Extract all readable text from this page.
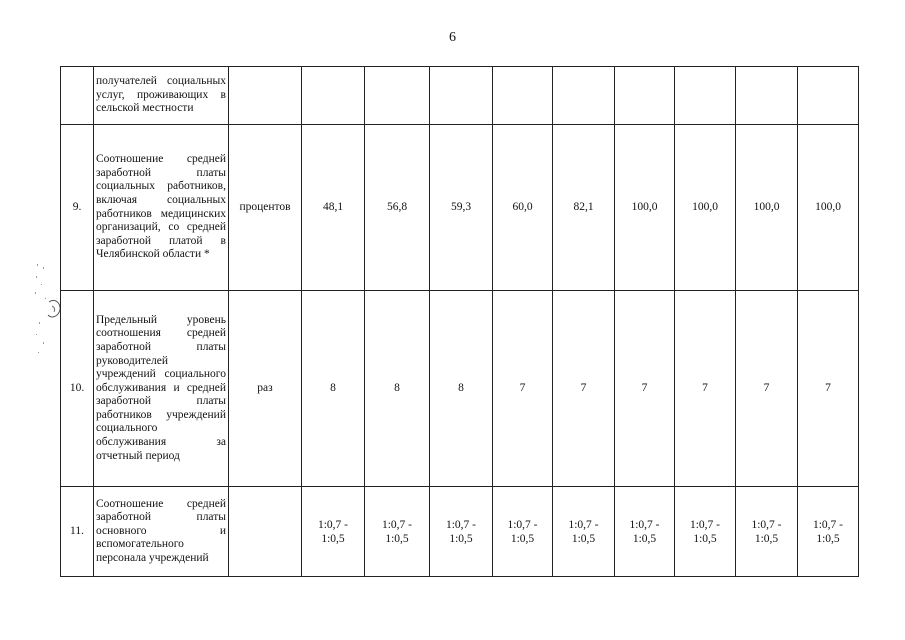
6
	получателей социальных услуг, проживающих в сельской местности										
9.	Соотношение средней заработной платы социальных работников, включая социальных работников медицинских организаций, со средней заработной платой в Челябинской области *	процентов	48,1	56,8	59,3	60,0	82,1	100,0	100,0	100,0	100,0
10.	Предельный уровень соотношения средней заработной платы руководителей учреждений социального обслуживания и средней заработной платы работников учреждений социального обслуживания за отчетный период	раз	8	8	8	7	7	7	7	7	7
11.	Соотношение средней заработной платы основного и вспомогательного персонала учреждений		1:0,7 -
1:0,5	1:0,7 -
1:0,5	1:0,7 -
1:0,5	1:0,7 -
1:0,5	1:0,7 -
1:0,5	1:0,7 -
1:0,5	1:0,7 -
1:0,5	1:0,7 -
1:0,5	1:0,7 -
1:0,5
